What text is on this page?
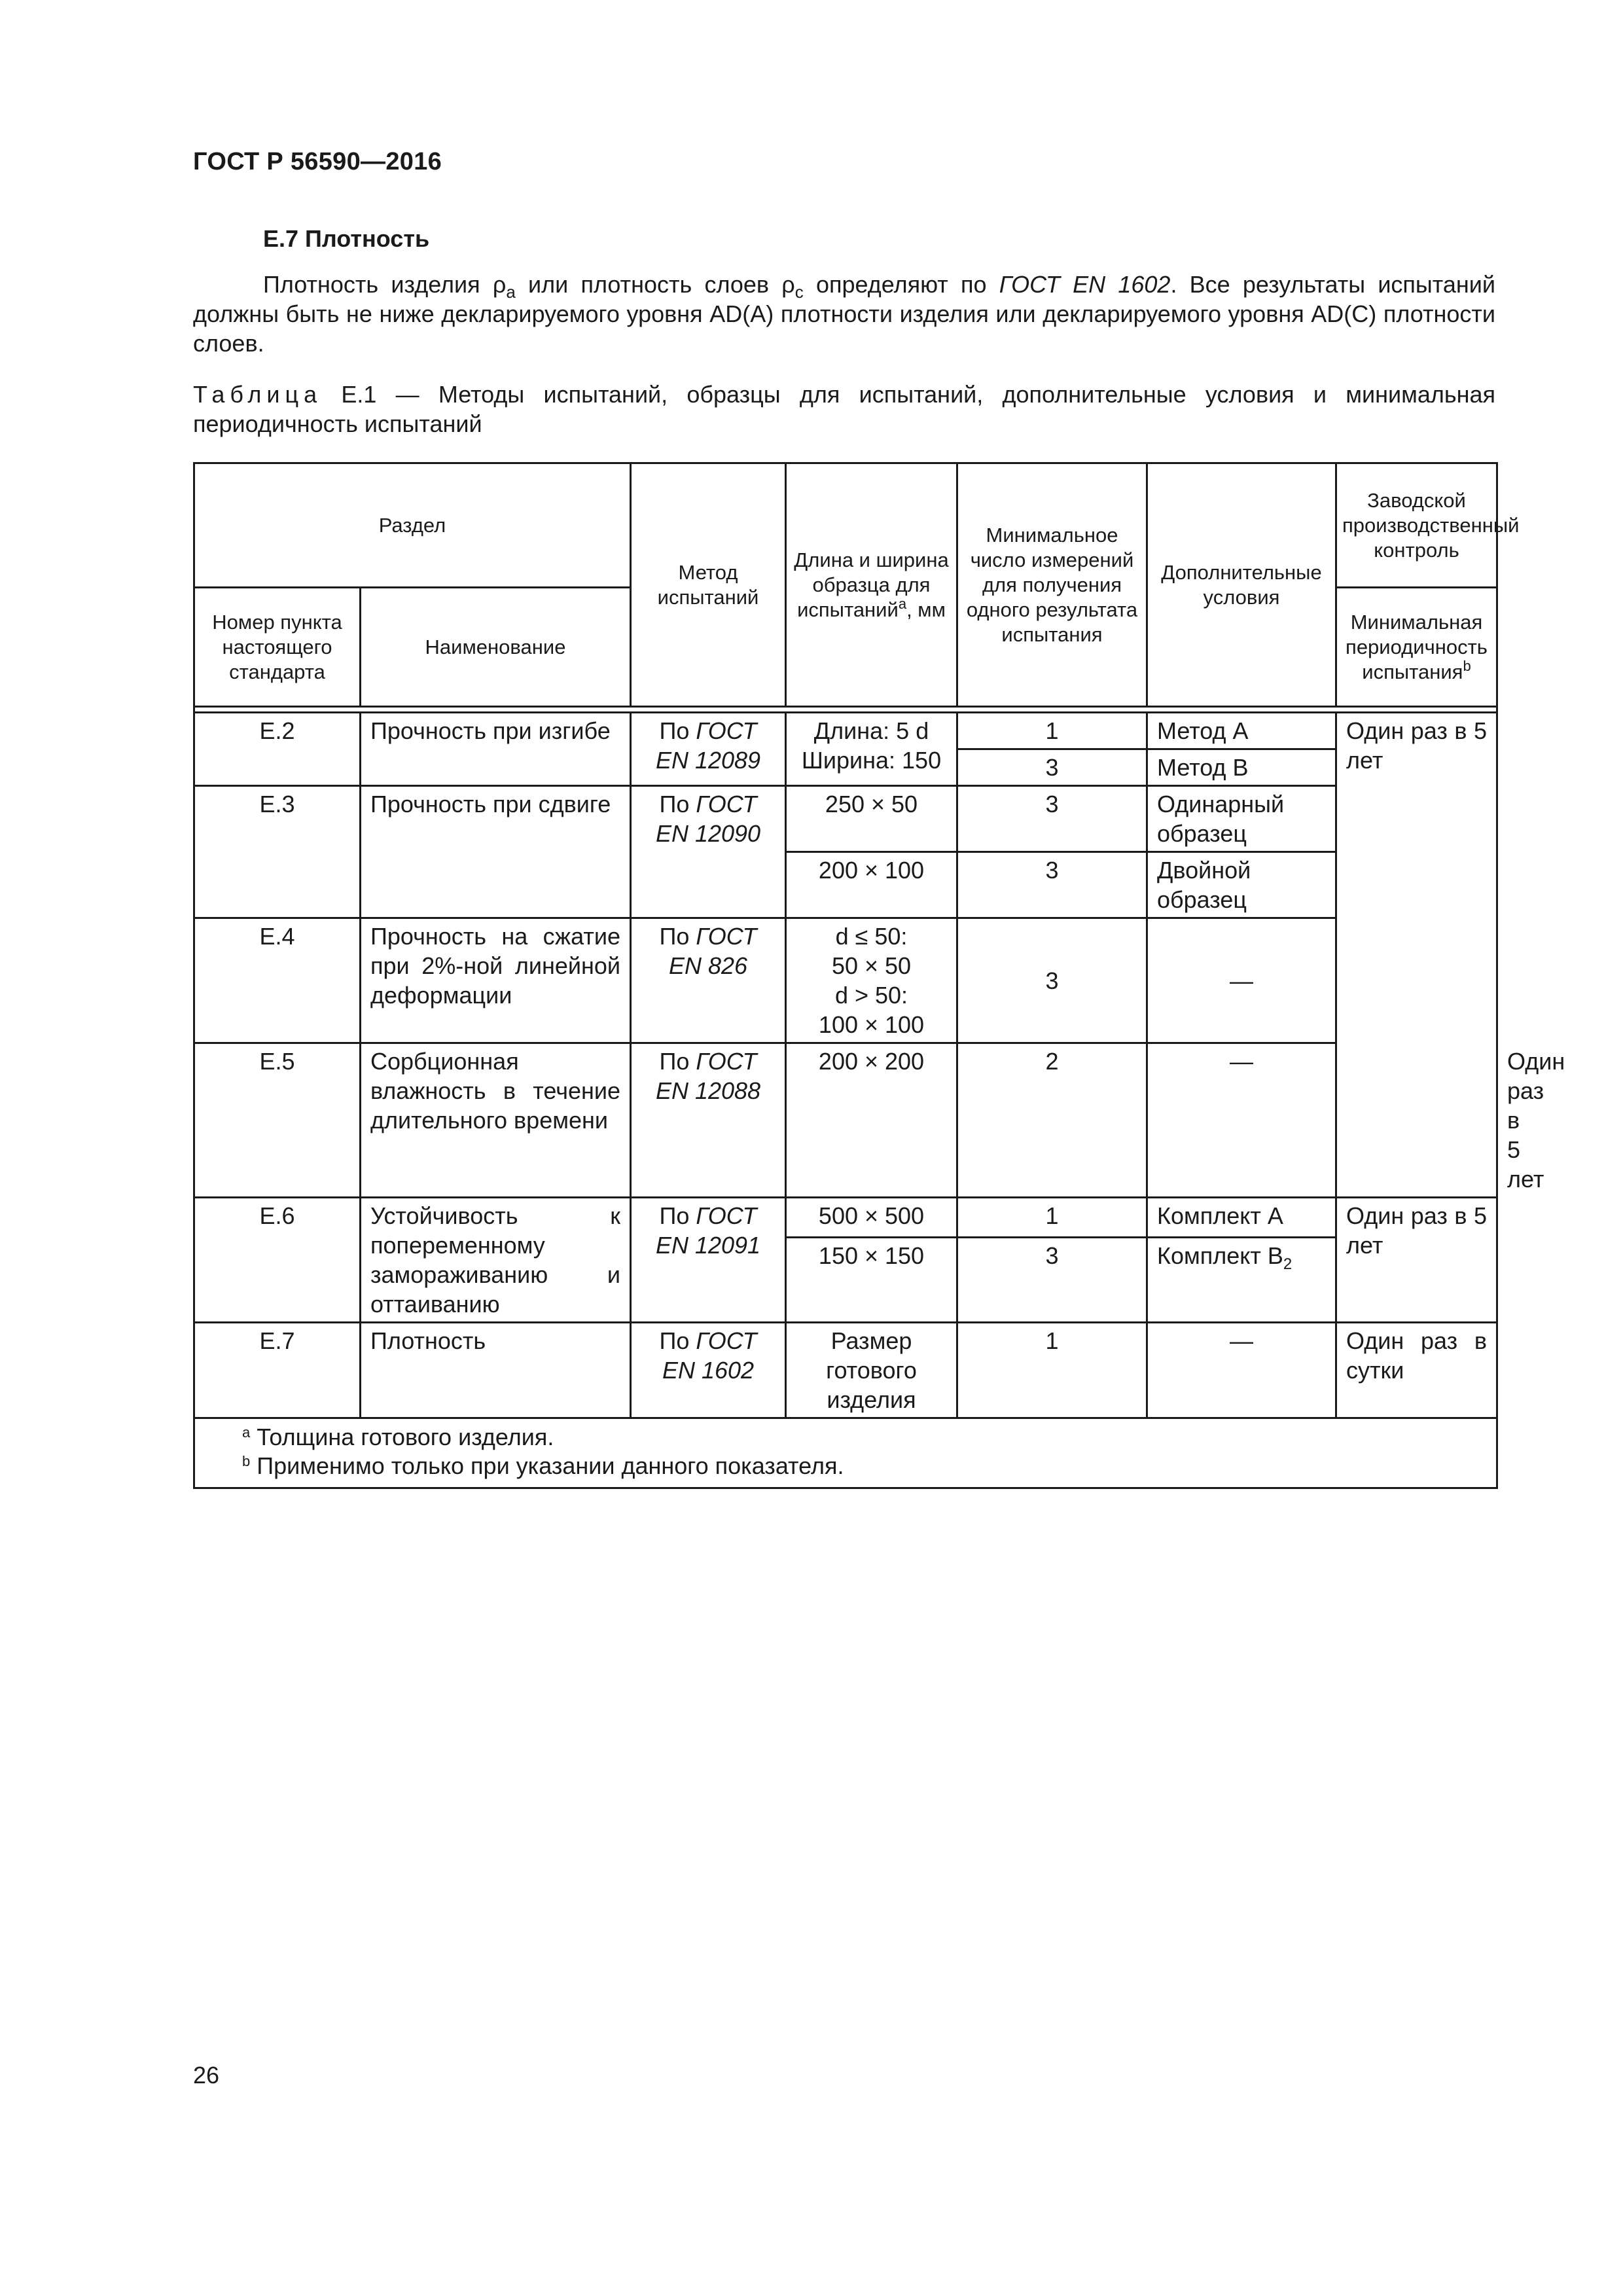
ГОСТ Р 56590—2016
Е.7 Плотность
Плотность изделия $\rho_a$ или плотность слоев $\rho_c$ определяют по ГОСТ EN 1602. Все результаты испытаний должны быть не ниже декларируемого уровня AD(A) плотности изделия или декларируемого уровня AD(C) плотности слоев.
Таблица Е.1 — Методы испытаний, образцы для испытаний, дополнительные условия и минимальная периодичность испытаний
Раздел		Метод испытаний	Длина и ширина образца для испытаний$^a$, мм	Минимальное число измерений для получения одного результата испытания	Дополнительные условия	Заводской производственный контроль	
Номер пункта настоящего стандарта	Наименование					Минимальная периодичность испытания$^b$

Е.2	Прочность при изгибе	По ГОСТ EN 12089	Длина: 5 d
Ширина: 150	1	Метод А	Один раз в 5 лет	
				3	Метод В		
Е.3	Прочность при сдвиге	По ГОСТ EN 12090	250 × 50	3	Одинарный образец		
			200 × 100	3	Двойной образец		
Е.4	Прочность на сжатие при 2%-ной линейной деформации	По ГОСТ EN 826	d ≤ 50:
50 × 50
d > 50:
100 × 100	3	—		
Е.5	Сорбционная влажность в течение длительного времени	По ГОСТ EN 12088	200 × 200	2	—		Один раз в 5 лет
Е.6	Устойчивость к попеременному замораживанию и оттаиванию	По ГОСТ EN 12091	500 × 500	1	Комплект А	Один раз в 5 лет	
			150 × 150	3	Комплект $В_2$
Е.7	Плотность	По ГОСТ EN 1602	Размер готового изделия	1	—	Один раз в сутки	

$^a$ Толщина готового изделия.
$^b$ Применимо только при указании данного показателя.							
26
